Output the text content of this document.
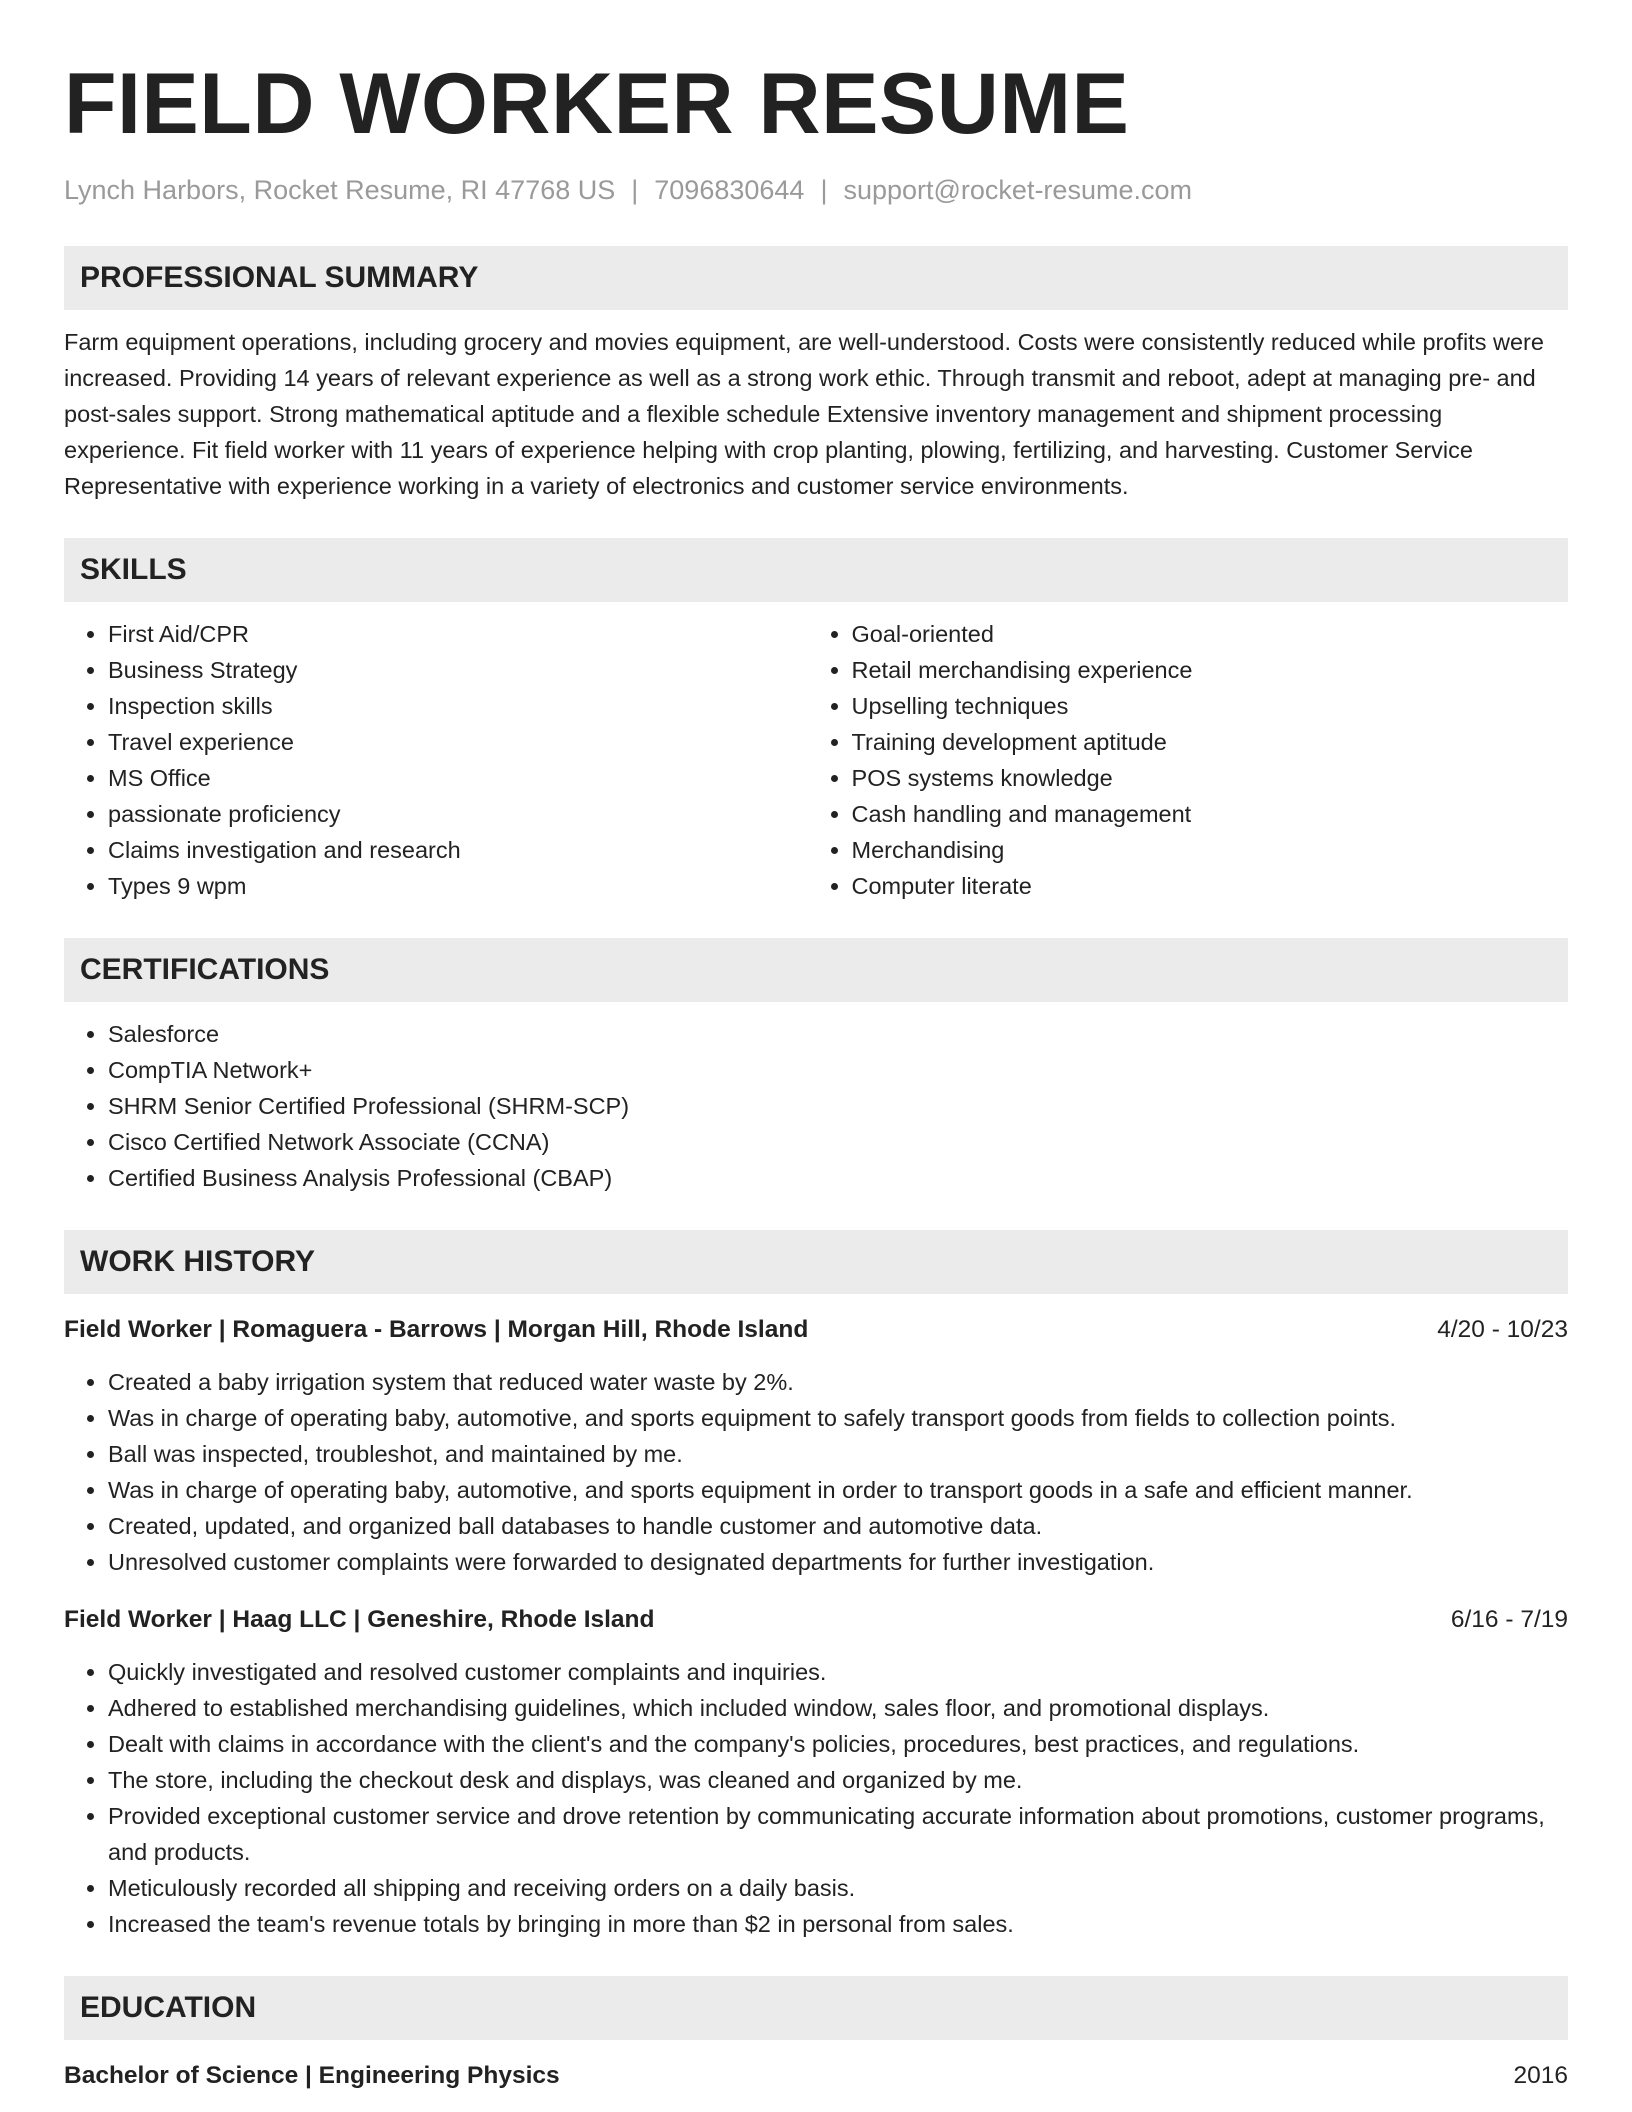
FIELD WORKER RESUME
Lynch Harbors, Rocket Resume, RI 47768 US | 7096830644 | support@rocket-resume.com
PROFESSIONAL SUMMARY
Farm equipment operations, including grocery and movies equipment, are well-understood. Costs were consistently reduced while profits were increased. Providing 14 years of relevant experience as well as a strong work ethic. Through transmit and reboot, adept at managing pre- and post-sales support. Strong mathematical aptitude and a flexible schedule Extensive inventory management and shipment processing experience. Fit field worker with 11 years of experience helping with crop planting, plowing, fertilizing, and harvesting. Customer Service Representative with experience working in a variety of electronics and customer service environments.
SKILLS
• First Aid/CPR
• Business Strategy
• Inspection skills
• Travel experience
• MS Office
• passionate proficiency
• Claims investigation and research
• Types 9 wpm
• Goal-oriented
• Retail merchandising experience
• Upselling techniques
• Training development aptitude
• POS systems knowledge
• Cash handling and management
• Merchandising
• Computer literate
CERTIFICATIONS
• Salesforce
• CompTIA Network+
• SHRM Senior Certified Professional (SHRM-SCP)
• Cisco Certified Network Associate (CCNA)
• Certified Business Analysis Professional (CBAP)
WORK HISTORY
Field Worker | Romaguera - Barrows | Morgan Hill, Rhode Island	4/20 - 10/23
• Created a baby irrigation system that reduced water waste by 2%.
• Was in charge of operating baby, automotive, and sports equipment to safely transport goods from fields to collection points.
• Ball was inspected, troubleshot, and maintained by me.
• Was in charge of operating baby, automotive, and sports equipment in order to transport goods in a safe and efficient manner.
• Created, updated, and organized ball databases to handle customer and automotive data.
• Unresolved customer complaints were forwarded to designated departments for further investigation.
Field Worker | Haag LLC | Geneshire, Rhode Island	6/16 - 7/19
• Quickly investigated and resolved customer complaints and inquiries.
• Adhered to established merchandising guidelines, which included window, sales floor, and promotional displays.
• Dealt with claims in accordance with the client's and the company's policies, procedures, best practices, and regulations.
• The store, including the checkout desk and displays, was cleaned and organized by me.
• Provided exceptional customer service and drove retention by communicating accurate information about promotions, customer programs, and products.
• Meticulously recorded all shipping and receiving orders on a daily basis.
• Increased the team's revenue totals by bringing in more than $2 in personal from sales.
EDUCATION
Bachelor of Science | Engineering Physics	2016
